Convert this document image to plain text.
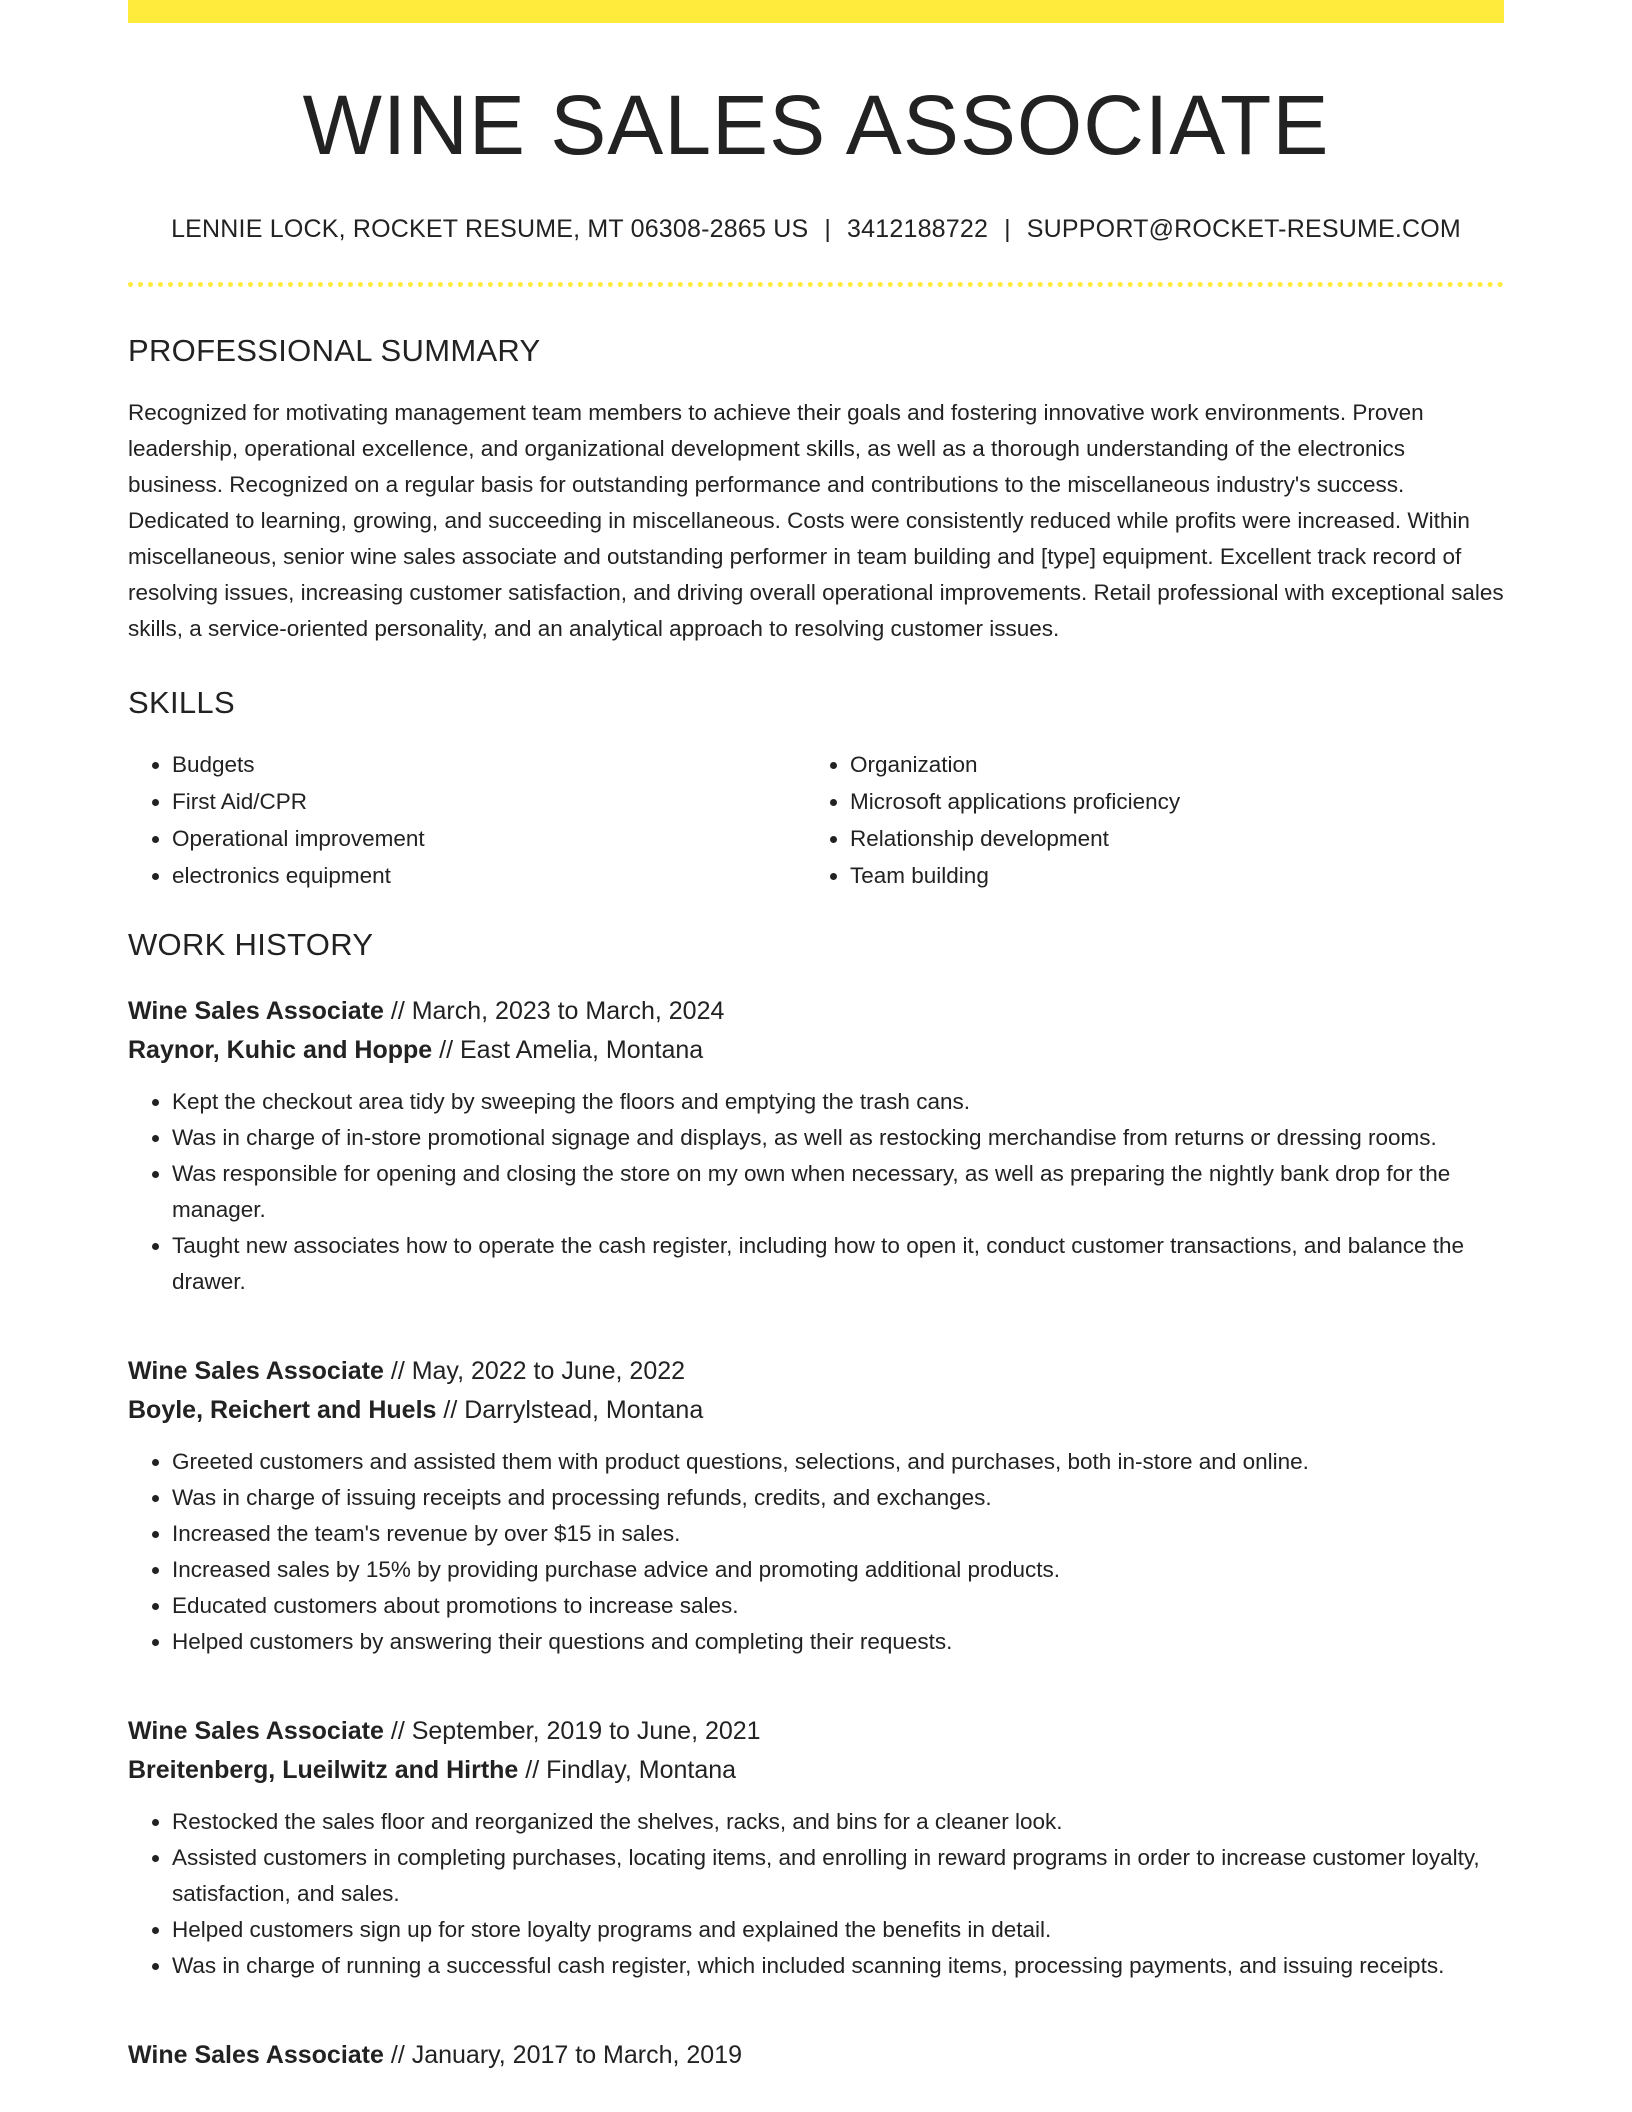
WINE SALES ASSOCIATE
LENNIE LOCK, ROCKET RESUME, MT 06308-2865 US | 3412188722 | SUPPORT@ROCKET-RESUME.COM
PROFESSIONAL SUMMARY

Recognized for motivating management team members to achieve their goals and fostering innovative work environments. Proven leadership, operational excellence, and organizational development skills, as well as a thorough understanding of the electronics business. Recognized on a regular basis for outstanding performance and contributions to the miscellaneous industry's success. Dedicated to learning, growing, and succeeding in miscellaneous. Costs were consistently reduced while profits were increased. Within miscellaneous, senior wine sales associate and outstanding performer in team building and [type] equipment. Excellent track record of resolving issues, increasing customer satisfaction, and driving overall operational improvements. Retail professional with exceptional sales skills, a service-oriented personality, and an analytical approach to resolving customer issues.

SKILLS
• Budgets
• First Aid/CPR
• Operational improvement
• electronics equipment
• Organization
• Microsoft applications proficiency
• Relationship development
• Team building
WORK HISTORY
Wine Sales Associate // March, 2023 to March, 2024
Raynor, Kuhic and Hoppe // East Amelia, Montana
• Kept the checkout area tidy by sweeping the floors and emptying the trash cans.
• Was in charge of in-store promotional signage and displays, as well as restocking merchandise from returns or dressing rooms.
• Was responsible for opening and closing the store on my own when necessary, as well as preparing the nightly bank drop for the manager.
• Taught new associates how to operate the cash register, including how to open it, conduct customer transactions, and balance the drawer.
Wine Sales Associate // May, 2022 to June, 2022
Boyle, Reichert and Huels // Darrylstead, Montana
• Greeted customers and assisted them with product questions, selections, and purchases, both in-store and online.
• Was in charge of issuing receipts and processing refunds, credits, and exchanges.
• Increased the team's revenue by over $15 in sales.
• Increased sales by 15% by providing purchase advice and promoting additional products.
• Educated customers about promotions to increase sales.
• Helped customers by answering their questions and completing their requests.
Wine Sales Associate // September, 2019 to June, 2021
Breitenberg, Lueilwitz and Hirthe // Findlay, Montana
• Restocked the sales floor and reorganized the shelves, racks, and bins for a cleaner look.
• Assisted customers in completing purchases, locating items, and enrolling in reward programs in order to increase customer loyalty, satisfaction, and sales.
• Helped customers sign up for store loyalty programs and explained the benefits in detail.
• Was in charge of running a successful cash register, which included scanning items, processing payments, and issuing receipts.
Wine Sales Associate // January, 2017 to March, 2019
